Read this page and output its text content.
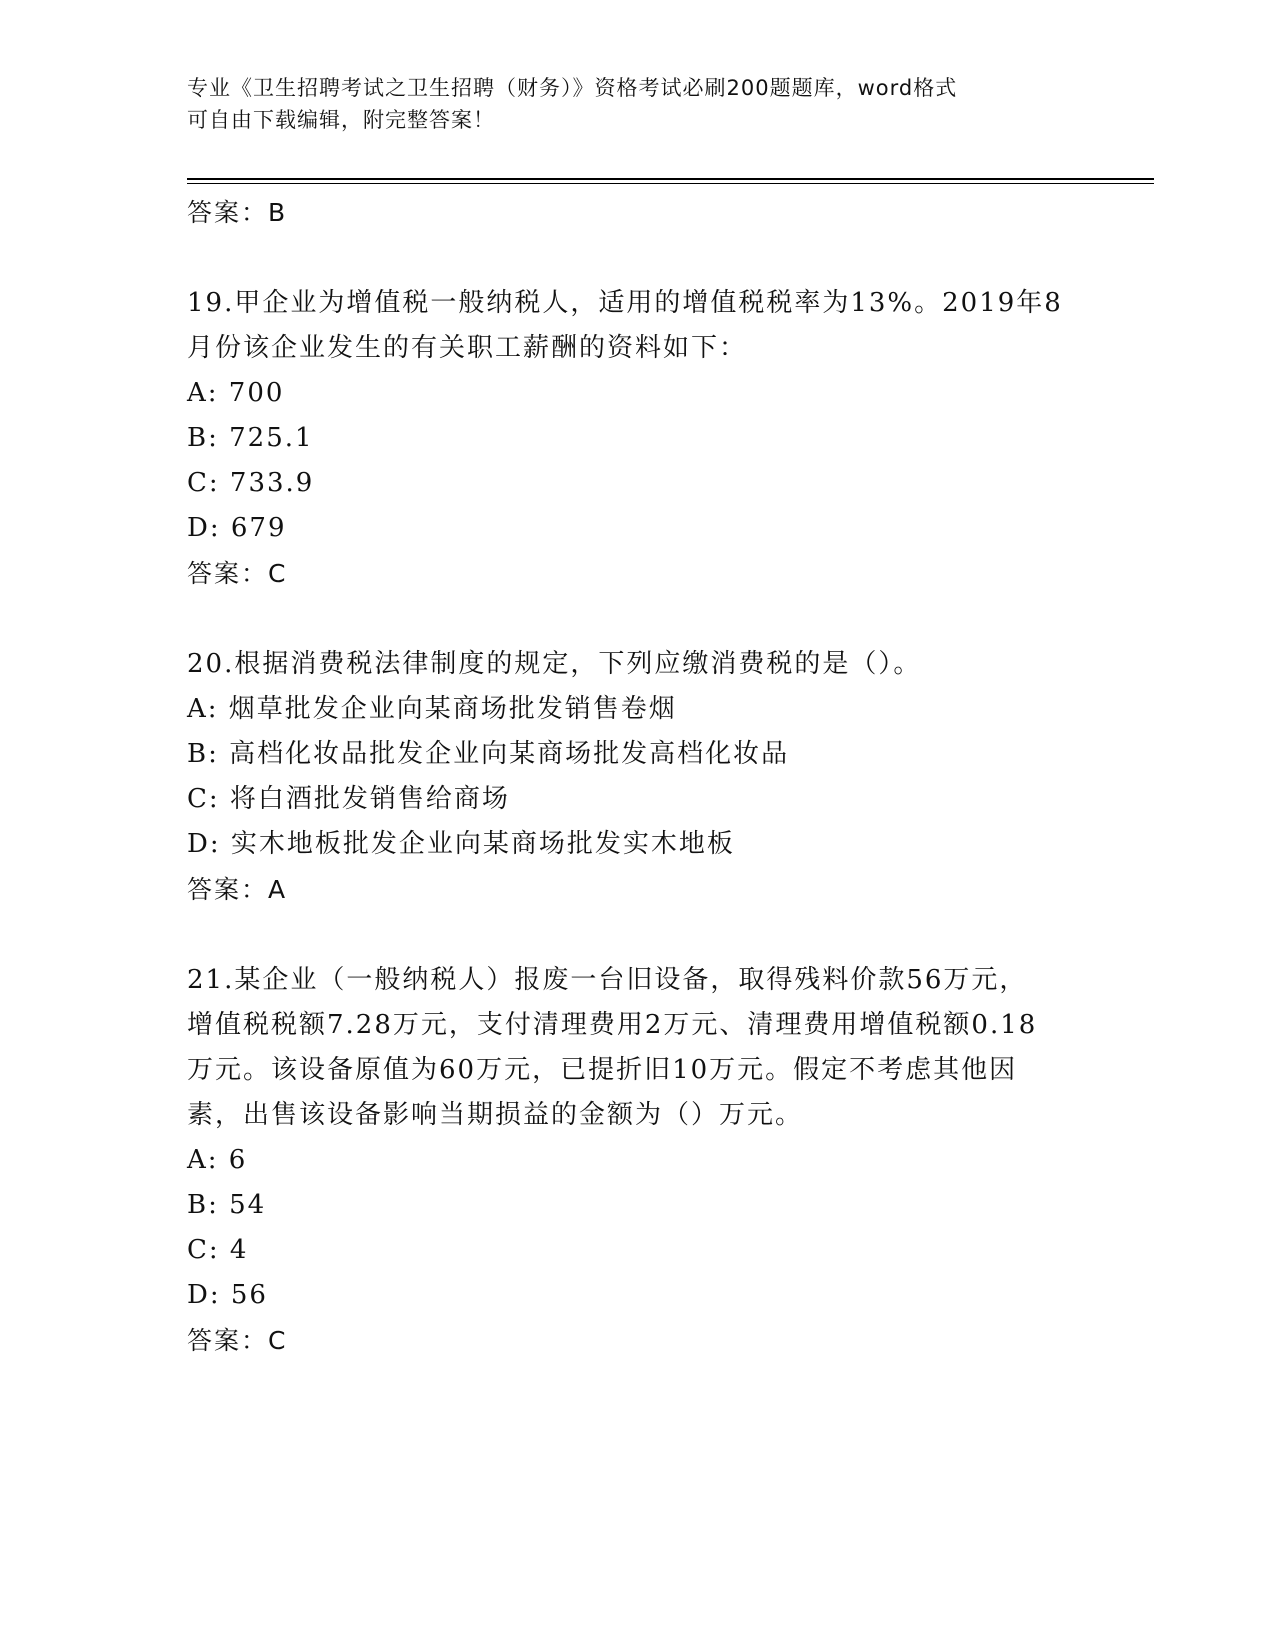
专业《卫生招聘考试之卫生招聘（财务）》资格考试必刷200题题库，word格式
可自由下载编辑，附完整答案！
答案：B
19.甲企业为增值税一般纳税人，适用的增值税税率为13%。2019年8
月份该企业发生的有关职工薪酬的资料如下：
A: 700
B: 725.1
C: 733.9
D: 679
答案：C
20.根据消费税法律制度的规定，下列应缴消费税的是（）。
A: 烟草批发企业向某商场批发销售卷烟
B: 高档化妆品批发企业向某商场批发高档化妆品
C: 将白酒批发销售给商场
D: 实木地板批发企业向某商场批发实木地板
答案：A
21.某企业（一般纳税人）报废一台旧设备，取得残料价款56万元，
增值税税额7.28万元，支付清理费用2万元、清理费用增值税额0.18
万元。该设备原值为60万元，已提折旧10万元。假定不考虑其他因
素，出售该设备影响当期损益的金额为（）万元。
A: 6
B: 54
C: 4
D: 56
答案：C
